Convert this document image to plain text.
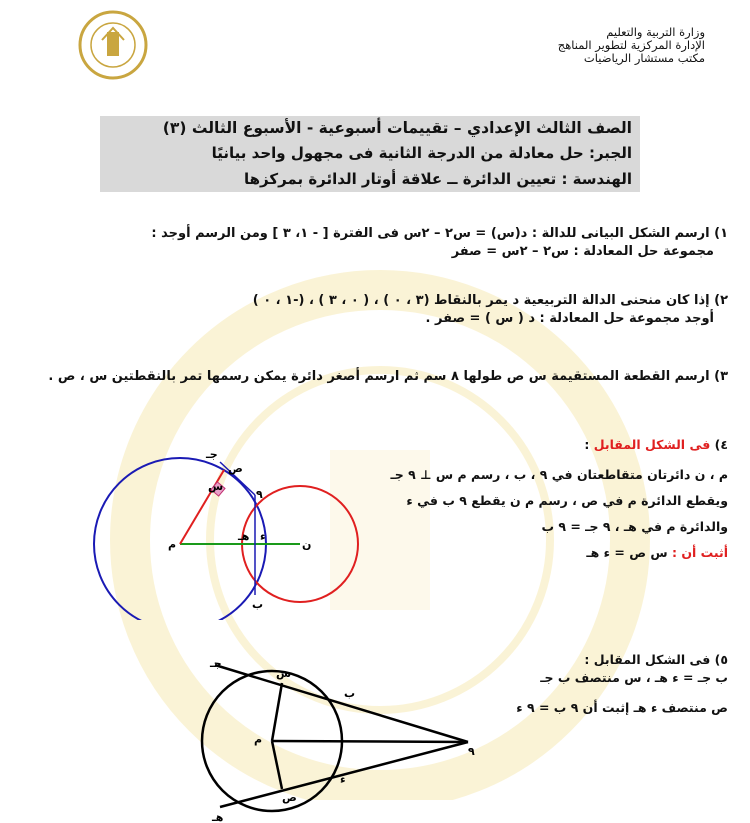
وزارة التربية والتعليم
الإدارة المركزية لتطوير المناهج
مكتب مستشار الرياضيات
الصف الثالث الإعدادي – تقييمات أسبوعية - الأسبوع الثالث (٣)
الجبر: حل معادلة من الدرجة الثانية فى مجهول واحد بيانيًا
الهندسة : تعيين الدائرة ــ علاقة أوتار الدائرة بمركزها
١) ارسم الشكل البيانى للدالة : د(س) = س٢ – ٢س فى الفترة [ - ١، ٣ ] ومن الرسم أوجد :
مجموعة حل المعادلة : س٢ – ٢س = صفر
٢) إذا كان منحنى الدالة التربيعية د يمر بالنقاط (٣ ، ٠ ) ، ( ٠ ، ٣ ) ، (-١ ، ٠ )
أوجد مجموعة حل المعادلة : د ( س ) = صفر .
٣) ارسم القطعة المستقيمة س ص طولها ٨ سم ثم ارسم أصغر دائرة يمكن رسمها تمر بالنقطتين س ، ص .
٤) فى الشكل المقابل :
م ، ن دائرتان متقاطعتان في ٩ ، ب ، رسم م س ⊥ ٩ جـ
ويقطع الدائرة م في ص ، رسم م ن يقطع ٩ ب في ء
والدائرة م في هـ ، ٩ جـ = ٩ ب
أثبت أن : س ص = ء هـ
جـ
ص
س
٩
م	ن
هـ ء
ب
٥) فى الشكل المقابل :
ب جـ = ء هـ ، س منتصف ب جـ
ص منتصف ء هـ إثبت أن ٩ ب = ٩ ء
جـ
س
ب
م
٩
ء
ص
هـ
